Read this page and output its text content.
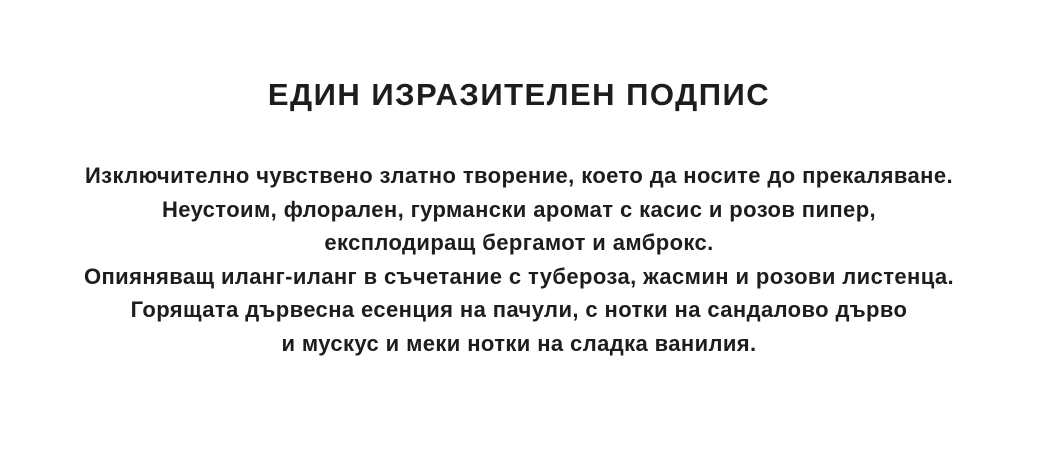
ЕДИН ИЗРАЗИТЕЛЕН ПОДПИС
Изключително чувствено златно творение, което да носите до прекаляване.
Неустоим, флорален, гурмански аромат с касис и розов пипер,
експлодиращ бергамот и амброкс.
Опияняващ иланг-иланг в съчетание с тубероза, жасмин и розови листенца.
Горящата дървесна есенция на пачули, с нотки на сандалово дърво
и мускус и меки нотки на сладка ванилия.
